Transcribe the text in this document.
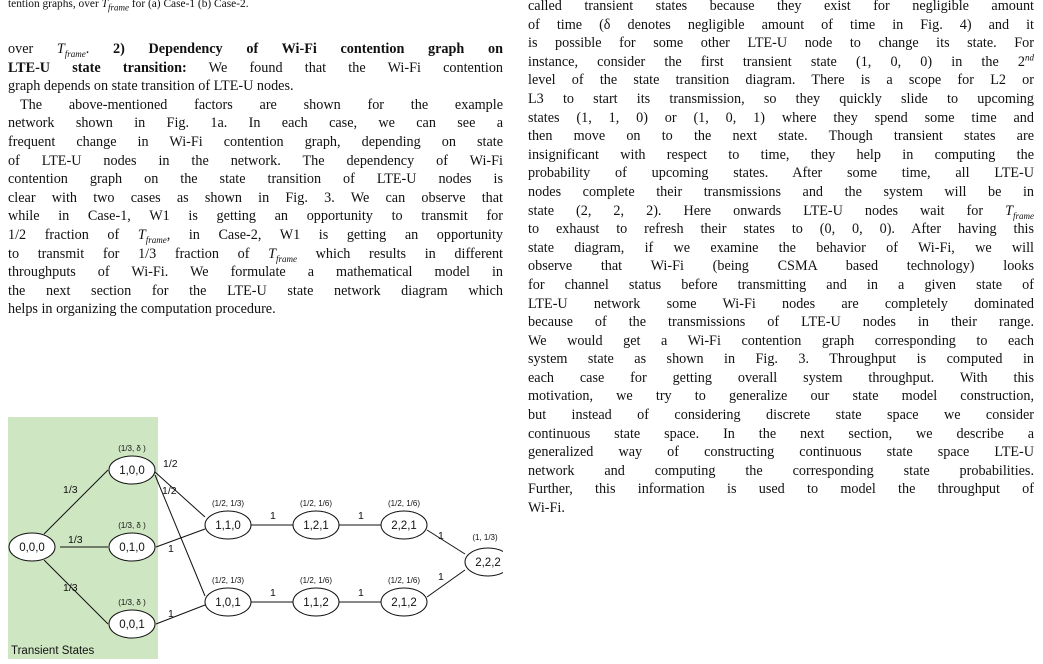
tention graphs, over $T_{frame}$ for (a) Case-1 (b) Case-2.
over $T_{frame}$. 2) Dependency of Wi-Fi contention graph on
LTE-U state transition: We found that the Wi-Fi contention
graph depends on state transition of LTE-U nodes.
The above-mentioned factors are shown for the example
network shown in Fig. 1a. In each case, we can see a
frequent change in Wi-Fi contention graph, depending on state
of LTE-U nodes in the network. The dependency of Wi-Fi
contention graph on the state transition of LTE-U nodes is
clear with two cases as shown in Fig. 3. We can observe that
while in Case-1, W1 is getting an opportunity to transmit for
1/2 fraction of $T_{frame}$, in Case-2, W1 is getting an opportunity
to transmit for 1/3 fraction of $T_{frame}$ which results in different
throughputs of Wi-Fi. We formulate a mathematical model in
the next section for the LTE-U state network diagram which
helps in organizing the computation procedure.
called transient states because they exist for negligible amount
of time (δ denotes negligible amount of time in Fig. 4) and it
is possible for some other LTE-U node to change its state. For
instance, consider the first transient state (1, 0, 0) in the 2nd
level of the state transition diagram. There is a scope for L2 or
L3 to start its transmission, so they quickly slide to upcoming
states (1, 1, 0) or (1, 0, 1) where they spend some time and
then move on to the next state. Though transient states are
insignificant with respect to time, they help in computing the
probability of upcoming states. After some time, all LTE-U
nodes complete their transmissions and the system will be in
state (2, 2, 2). Here onwards LTE-U nodes wait for $T_{frame}$
to exhaust to refresh their states to (0, 0, 0). After having this
state diagram, if we examine the behavior of Wi-Fi, we will
observe that Wi-Fi (being CSMA based technology) looks
for channel status before transmitting and in a given state of
LTE-U network some Wi-Fi nodes are completely dominated
because of the transmissions of LTE-U nodes in their range.
We would get a Wi-Fi contention graph corresponding to each
system state as shown in Fig. 3. Throughput is computed in
each case for getting overall system throughput. With this
motivation, we try to generalize our state model construction,
but instead of considering discrete state space we consider
continuous state space. In the next section, we describe a
generalized way of constructing continuous state space LTE-U
network and computing the corresponding state probabilities.
Further, this information is used to model the throughput of
Wi-Fi.
Transient States
1/3
1/3
1/3
1/2
1/2
1
1
1	1
1	1
1
1
0,0,0
1,0,0
0,1,0
0,0,1
1,1,0
1,0,1
1,2,1
1,1,2
2,2,1
2,1,2
2,2,2
(1/3, δ )
(1/3, δ )
(1/3, δ )
(1/2, 1/3)
(1/2, 1/3)
(1/2, 1/6)
(1/2, 1/6)
(1/2, 1/6)
(1/2, 1/6)
(1, 1/3)
